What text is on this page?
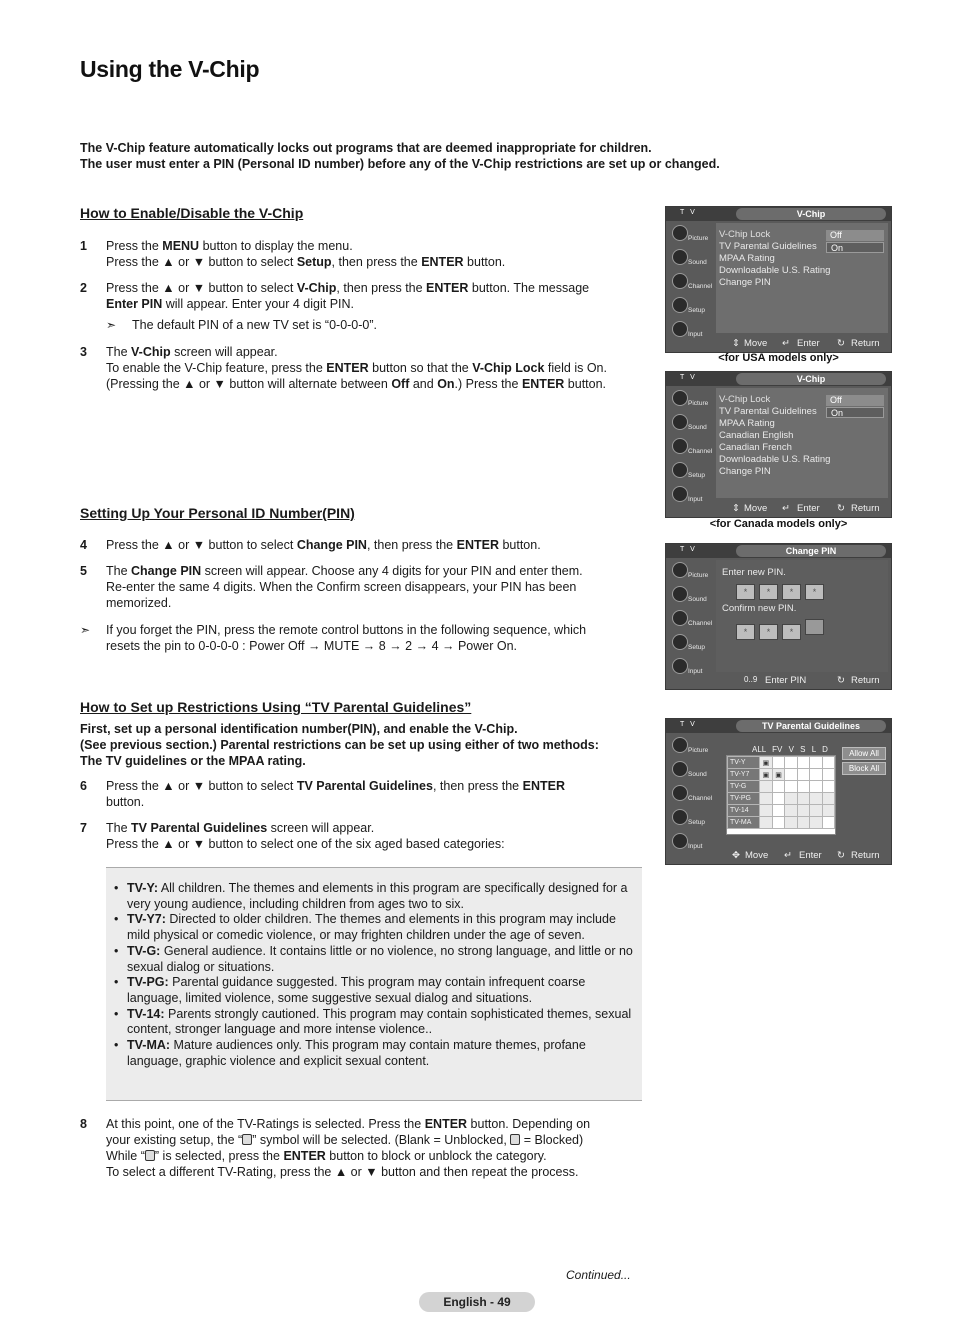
Using the V-Chip
The V-Chip feature automatically locks out programs that are deemed inappropriate for children.
The user must enter a PIN (Personal ID number) before any of the V-Chip restrictions are set up or changed.
How to Enable/Disable the V-Chip
1 Press the MENU button to display the menu.
Press the ▲ or ▼ button to select Setup, then press the ENTER button.
2 Press the ▲ or ▼ button to select V-Chip, then press the ENTER button. The message
Enter PIN will appear. Enter your 4 digit PIN.
➣ The default PIN of a new TV set is “0-0-0-0”.
3 The V-Chip screen will appear.
To enable the V-Chip feature, press the ENTER button so that the V-Chip Lock field is On.
(Pressing the ▲ or ▼ button will alternate between Off and On.) Press the ENTER button.
Setting Up Your Personal ID Number(PIN)
4 Press the ▲ or ▼ button to select Change PIN, then press the ENTER button.
5 The Change PIN screen will appear. Choose any 4 digits for your PIN and enter them.
Re-enter the same 4 digits. When the Confirm screen disappears, your PIN has been
memorized.
➣ If you forget the PIN, press the remote control buttons in the following sequence, which
resets the pin to 0-0-0-0 : Power Off → MUTE → 8 → 2 → 4 → Power On.
How to Set up Restrictions Using “TV Parental Guidelines”
First, set up a personal identification number(PIN), and enable the V-Chip.
(See previous section.) Parental restrictions can be set up using either of two methods:
The TV guidelines or the MPAA rating.
6 Press the ▲ or ▼ button to select TV Parental Guidelines, then press the ENTER
button.
7 The TV Parental Guidelines screen will appear.
Press the ▲ or ▼ button to select one of the six aged based categories:
• TV-Y: All children. The themes and elements in this program are specifically designed for a very young audience, including children from ages two to six.
• TV-Y7: Directed to older children. The themes and elements in this program may include mild physical or comedic violence, or may frighten children under the age of seven.
• TV-G: General audience. It contains little or no violence, no strong language, and little or no sexual dialog or situations.
• TV-PG: Parental guidance suggested. This program may contain infrequent coarse language, limited violence, some suggestive sexual dialog and situations.
• TV-14: Parents strongly cautioned. This program may contain sophisticated themes, sexual content, stronger language and more intense violence..
• TV-MA: Mature audiences only. This program may contain mature themes, profane language, graphic violence and explicit sexual content.
8 At this point, one of the TV-Ratings is selected. Press the ENTER button. Depending on
your existing setup, the “ ” symbol will be selected. (Blank = Unblocked,  = Blocked)
While “ ” is selected, press the ENTER button to block or unblock the category.
To select a different TV-Rating, press the ▲ or ▼ button and then repeat the process.
T V	V-Chip
Picture
Sound
Channel
Setup
Input
V-Chip Lock
TV Parental Guidelines
MPAA Rating
Downloadable U.S. Rating
Change PIN
Off
On
⇕ Move ↵ Enter ↻ Return
<for USA models only>
T V	V-Chip
Picture
Sound
Channel
Setup
Input
V-Chip Lock
TV Parental Guidelines
MPAA Rating
Canadian English
Canadian French
Downloadable U.S. Rating
Change PIN
Off
On
⇕ Move ↵ Enter ↻ Return
<for Canada models only>
T V	Change PIN
Picture
Sound
Channel
Setup
Input
Enter new PIN.
* * * *
Confirm new PIN.
* * *
0..9 Enter PIN	↻ Return
T V	TV Parental Guidelines
Picture
Sound
Channel
Setup
Input
ALL FV V S L D
TV-Y	▣					
TV-Y7	▣	▣				
TV-G						
TV-PG						
TV-14						
TV-MA						
Allow All
Block All
✥ Move ↵ Enter ↻ Return
Continued...
English - 49
